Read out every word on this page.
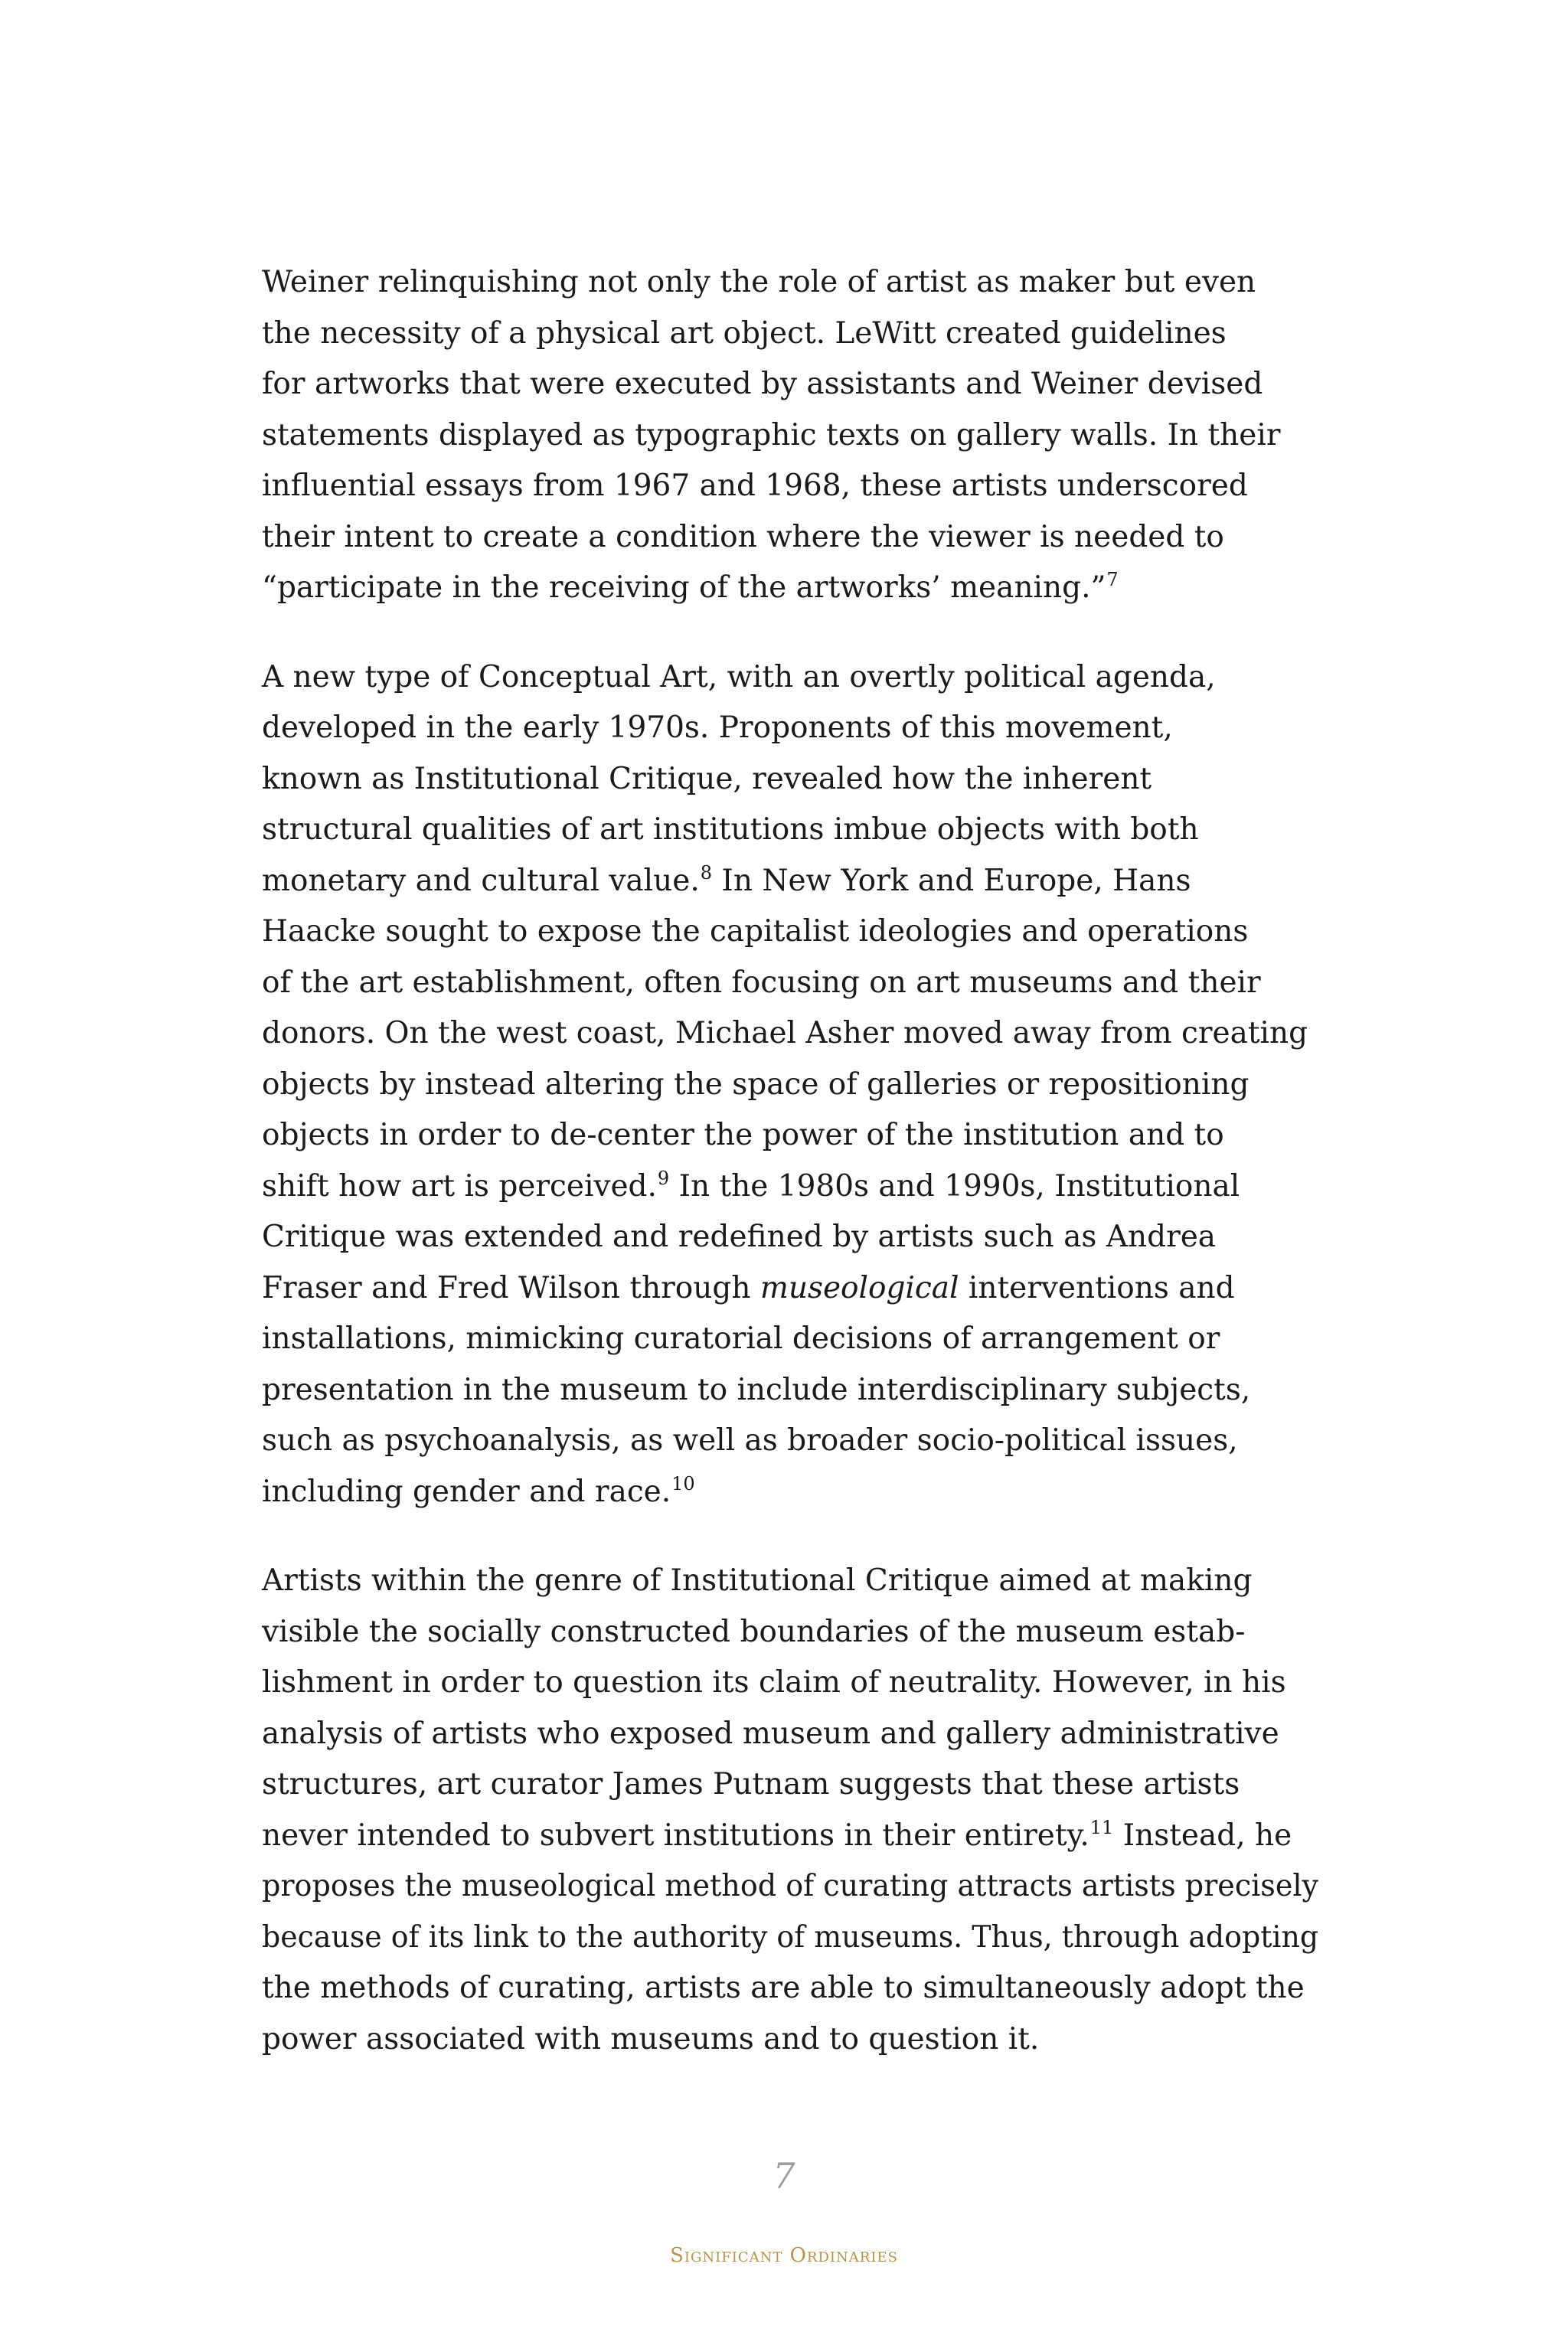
Weiner relinquishing not only the role of artist as maker but even
the necessity of a physical art object. LeWitt created guidelines
for artworks that were executed by assistants and Weiner devised
statements displayed as typographic texts on gallery walls. In their
influential essays from 1967 and 1968, these artists underscored
their intent to create a condition where the viewer is needed to
“participate in the receiving of the artworks’ meaning.”$^7$
A new type of Conceptual Art, with an overtly political agenda,
developed in the early 1970s. Proponents of this movement,
known as Institutional Critique, revealed how the inherent
structural qualities of art institutions imbue objects with both
monetary and cultural value.$^8$ In New York and Europe, Hans
Haacke sought to expose the capitalist ideologies and operations
of the art establishment, often focusing on art museums and their
donors. On the west coast, Michael Asher moved away from creating
objects by instead altering the space of galleries or repositioning
objects in order to de-center the power of the institution and to
shift how art is perceived.$^9$ In the 1980s and 1990s, Institutional
Critique was extended and redefined by artists such as Andrea
Fraser and Fred Wilson through museological interventions and
installations, mimicking curatorial decisions of arrangement or
presentation in the museum to include interdisciplinary subjects,
such as psychoanalysis, as well as broader socio-political issues,
including gender and race.$^{10}$
Artists within the genre of Institutional Critique aimed at making
visible the socially constructed boundaries of the museum estab-
lishment in order to question its claim of neutrality. However, in his
analysis of artists who exposed museum and gallery administrative
structures, art curator James Putnam suggests that these artists
never intended to subvert institutions in their entirety.$^{11}$ Instead, he
proposes the museological method of curating attracts artists precisely
because of its link to the authority of museums. Thus, through adopting
the methods of curating, artists are able to simultaneously adopt the
power associated with museums and to question it.
7
Significant Ordinaries
